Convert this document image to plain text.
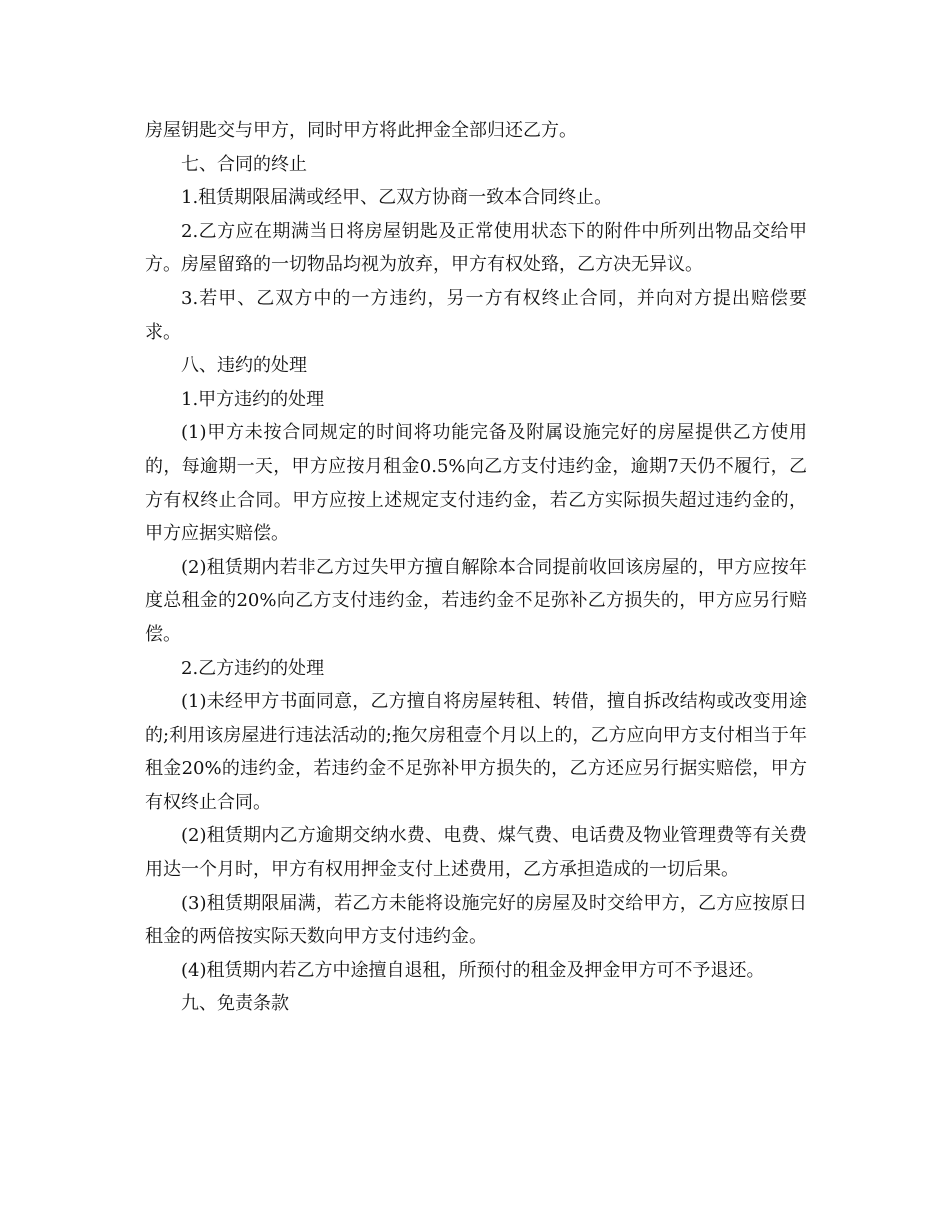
房屋钥匙交与甲方，同时甲方将此押金全部归还乙方。

七、合同的终止

1.租赁期限届满或经甲、乙双方协商一致本合同终止。

2.乙方应在期满当日将房屋钥匙及正常使用状态下的附件中所列出物品交给甲方。房屋留臵的一切物品均视为放弃，甲方有权处臵，乙方决无异议。

3.若甲、乙双方中的一方违约，另一方有权终止合同，并向对方提出赔偿要求。

八、违约的处理

1.甲方违约的处理

(1)甲方未按合同规定的时间将功能完备及附属设施完好的房屋提供乙方使用的，每逾期一天，甲方应按月租金0.5%向乙方支付违约金，逾期7天仍不履行，乙方有权终止合同。甲方应按上述规定支付违约金，若乙方实际损失超过违约金的，甲方应据实赔偿。

(2)租赁期内若非乙方过失甲方擅自解除本合同提前收回该房屋的，甲方应按年度总租金的20%向乙方支付违约金，若违约金不足弥补乙方损失的，甲方应另行赔偿。

2.乙方违约的处理

(1)未经甲方书面同意，乙方擅自将房屋转租、转借，擅自拆改结构或改变用途的;利用该房屋进行违法活动的;拖欠房租壹个月以上的，乙方应向甲方支付相当于年租金20%的违约金，若违约金不足弥补甲方损失的，乙方还应另行据实赔偿，甲方有权终止合同。

(2)租赁期内乙方逾期交纳水费、电费、煤气费、电话费及物业管理费等有关费用达一个月时，甲方有权用押金支付上述费用，乙方承担造成的一切后果。

(3)租赁期限届满，若乙方未能将设施完好的房屋及时交给甲方，乙方应按原日租金的两倍按实际天数向甲方支付违约金。

(4)租赁期内若乙方中途擅自退租，所预付的租金及押金甲方可不予退还。

九、免责条款
